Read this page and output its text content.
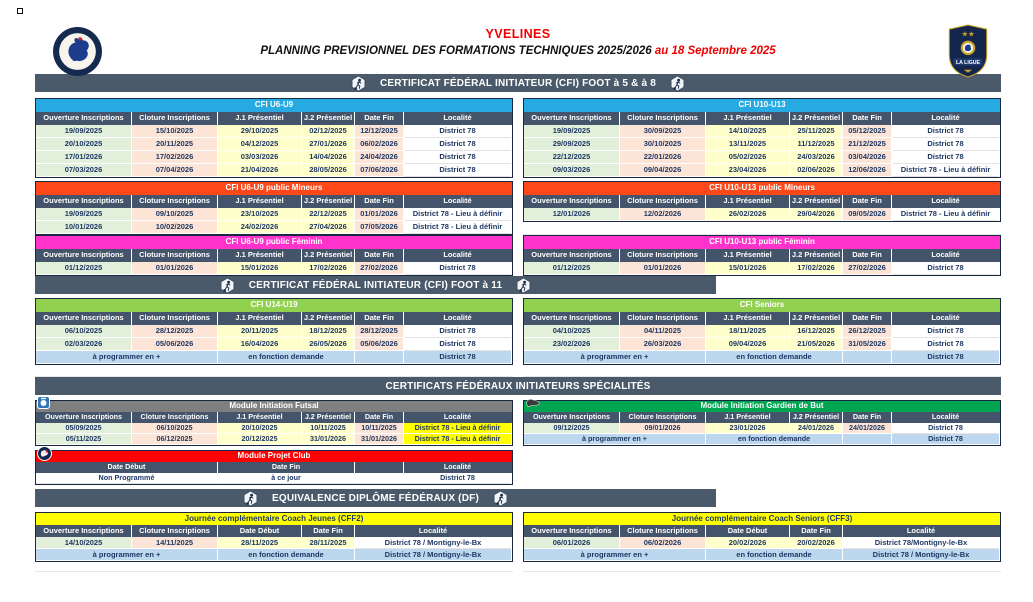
YVELINES
PLANNING PREVISIONNEL DES FORMATIONS TECHNIQUES 2025/2026 au 18 Septembre 2025
★★
LA LIGUE
CERTIFICAT FÉDÉRAL INITIATEUR (CFI) FOOT à 5 & à 8
CFI U6-U9
Ouverture Inscriptions	Cloture Inscriptions	J.1 Présentiel	J.2 Présentiel	Date Fin	Localité
19/09/2025	15/10/2025	29/10/2025	02/12/2025	12/12/2025	District 78
20/10/2025	20/11/2025	04/12/2025	27/01/2026	06/02/2026	District 78
17/01/2026	17/02/2026	03/03/2026	14/04/2026	24/04/2026	District 78
07/03/2026	07/04/2026	21/04/2026	28/05/2026	07/06/2026	District 78
CFI U6-U9 public Mineurs
Ouverture Inscriptions	Cloture Inscriptions	J.1 Présentiel	J.2 Présentiel	Date Fin	Localité
19/09/2025	09/10/2025	23/10/2025	22/12/2025	01/01/2026	District 78 - Lieu à définir
10/01/2026	10/02/2026	24/02/2026	27/04/2026	07/05/2026	District 78 - Lieu à définir
CFI U6-U9 public Féminin
Ouverture Inscriptions	Cloture Inscriptions	J.1 Présentiel	J.2 Présentiel	Date Fin	Localité
01/12/2025	01/01/2026	15/01/2026	17/02/2026	27/02/2026	District 78
CFI U10-U13
Ouverture Inscriptions	Cloture Inscriptions	J.1 Présentiel	J.2 Présentiel	Date Fin	Localité
19/09/2025	30/09/2025	14/10/2025	25/11/2025	05/12/2025	District 78
29/09/2025	30/10/2025	13/11/2025	11/12/2025	21/12/2025	District 78
22/12/2025	22/01/2026	05/02/2026	24/03/2026	03/04/2026	District 78
09/03/2026	09/04/2026	23/04/2026	02/06/2026	12/06/2026	District 78 - Lieu à définir
CFI U10-U13 public Mineurs
Ouverture Inscriptions	Cloture Inscriptions	J.1 Présentiel	J.2 Présentiel	Date Fin	Localité
12/01/2026	12/02/2026	26/02/2026	29/04/2026	09/05/2026	District 78 - Lieu à définir
CFI U10-U13 public Féminin
Ouverture Inscriptions	Cloture Inscriptions	J.1 Présentiel	J.2 Présentiel	Date Fin	Localité
01/12/2025	01/01/2026	15/01/2026	17/02/2026	27/02/2026	District 78
CERTIFICAT FÉDÉRAL INITIATEUR (CFI) FOOT à 11
CFI U14-U19
Ouverture Inscriptions	Cloture Inscriptions	J.1 Présentiel	J.2 Présentiel	Date Fin	Localité
06/10/2025	28/12/2025	20/11/2025	18/12/2025	28/12/2025	District 78
02/03/2026	05/06/2026	16/04/2026	26/05/2026	05/06/2026	District 78
à programmer en +	en fonction demande	District 78
CFI Seniors
Ouverture Inscriptions	Cloture Inscriptions	J.1 Présentiel	J.2 Présentiel	Date Fin	Localité
04/10/2025	04/11/2025	18/11/2025	16/12/2025	26/12/2025	District 78
23/02/2026	26/03/2026	09/04/2026	21/05/2026	31/05/2026	District 78
à programmer en +	en fonction demande	District 78
CERTIFICATS FÉDÉRAUX INITIATEURS SPÉCIALITÉS
Module Initiation Futsal
Ouverture Inscriptions	Cloture Inscriptions	J.1 Présentiel	J.2 Présentiel	Date Fin	Localité
05/09/2025	06/10/2025	20/10/2025	10/11/2025	10/11/2025	District 78 - Lieu à définir
05/11/2025	06/12/2025	20/12/2025	31/01/2026	31/01/2026	District 78 - Lieu à définir
Module Initiation Gardien de But
Ouverture Inscriptions	Cloture Inscriptions	J.1 Présentiel	J.2 Présentiel	Date Fin	Localité
09/12/2025	09/01/2026	23/01/2026	24/01/2026	24/01/2026	District 78
à programmer en +	en fonction demande	District 78
Module Projet Club
Date Début	Date Fin	Localité
Non Programmé	à ce jour	District 78
EQUIVALENCE DIPLÔME FÉDÉRAUX (DF)
Journée complémentaire Coach Jeunes (CFF2)
Ouverture Inscriptions	Cloture Inscriptions	Date Début	Date Fin	Localité
14/10/2025	14/11/2025	28/11/2025	28/11/2025	District 78 / Montigny-le-Bx
à programmer en +	en fonction demande	District 78 / Montigny-le-Bx
Journée complémentaire Coach Seniors (CFF3)
Ouverture Inscriptions	Cloture Inscriptions	Date Début	Date Fin	Localité
06/01/2026	06/02/2026	20/02/2026	20/02/2026	District 78/Montigny-le-Bx
à programmer en +	en fonction demande	District 78 / Montigny-le-Bx
